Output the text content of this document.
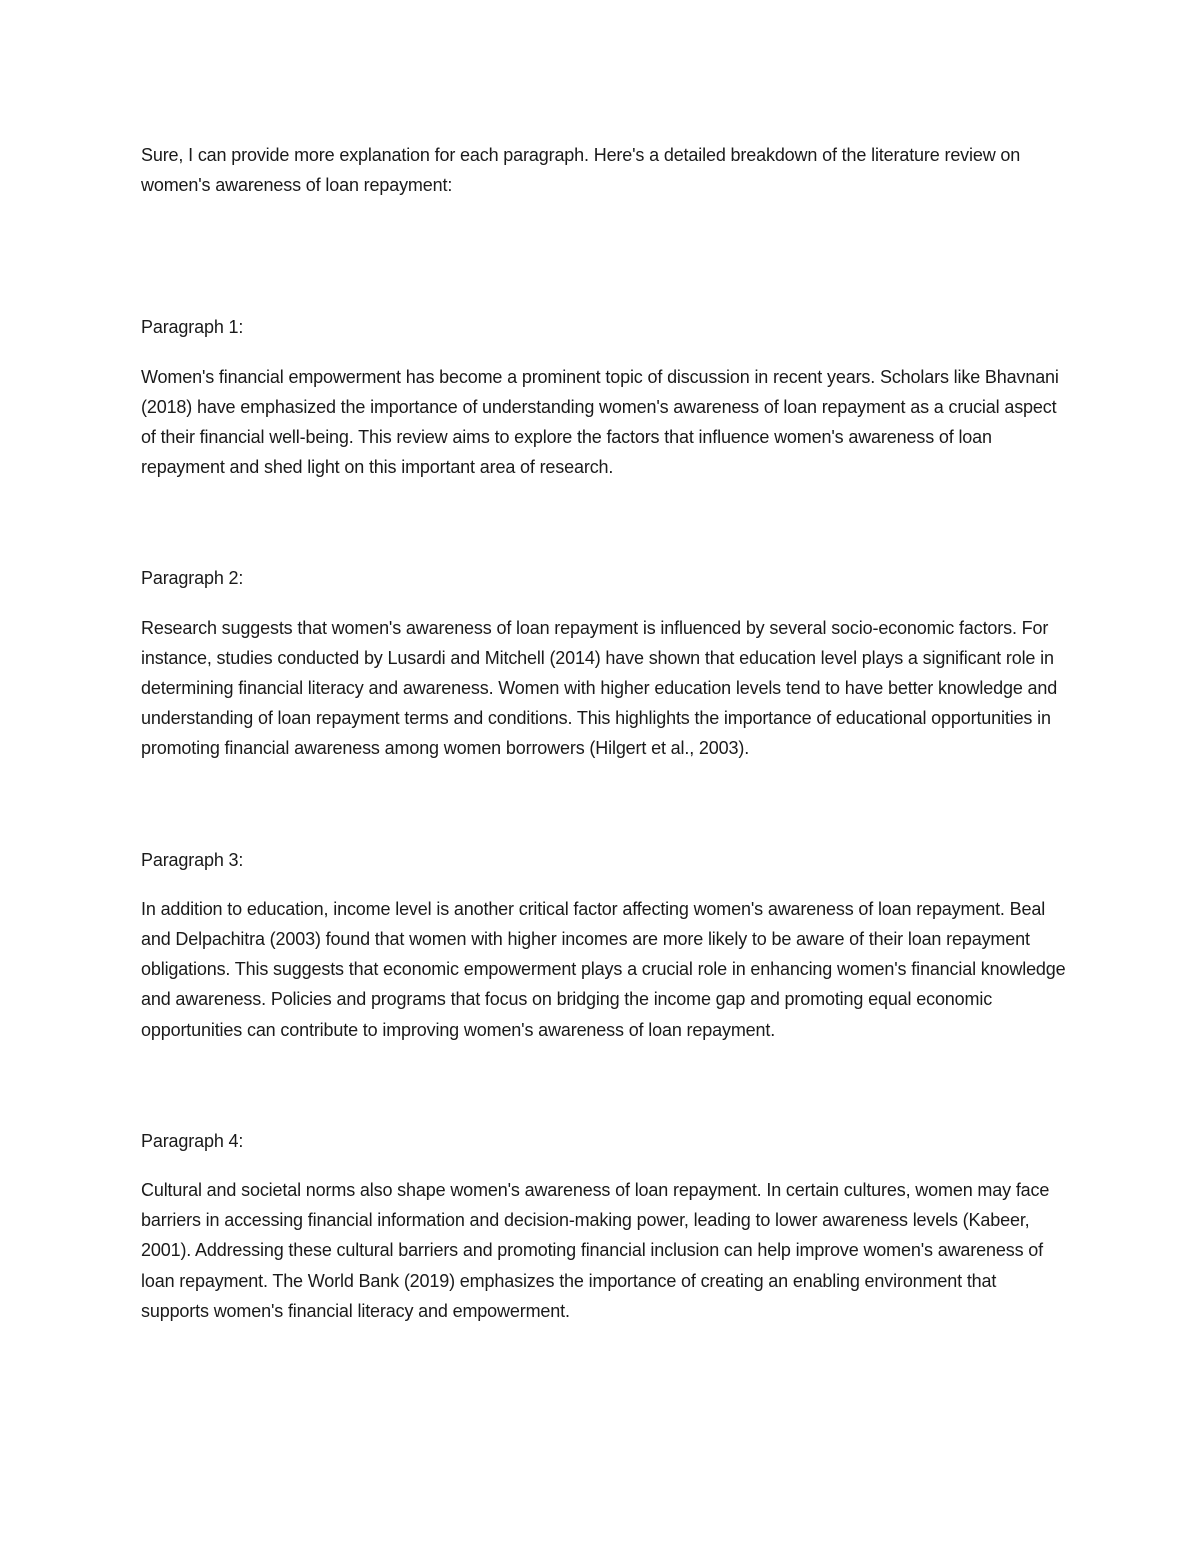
Sure, I can provide more explanation for each paragraph. Here's a detailed breakdown of the literature review on women's awareness of loan repayment:

Paragraph 1:

Women's financial empowerment has become a prominent topic of discussion in recent years. Scholars like Bhavnani (2018) have emphasized the importance of understanding women's awareness of loan repayment as a crucial aspect of their financial well-being. This review aims to explore the factors that influence women's awareness of loan repayment and shed light on this important area of research.

Paragraph 2:

Research suggests that women's awareness of loan repayment is influenced by several socio-economic factors. For instance, studies conducted by Lusardi and Mitchell (2014) have shown that education level plays a significant role in determining financial literacy and awareness. Women with higher education levels tend to have better knowledge and understanding of loan repayment terms and conditions. This highlights the importance of educational opportunities in promoting financial awareness among women borrowers (Hilgert et al., 2003).

Paragraph 3:

In addition to education, income level is another critical factor affecting women's awareness of loan repayment. Beal and Delpachitra (2003) found that women with higher incomes are more likely to be aware of their loan repayment obligations. This suggests that economic empowerment plays a crucial role in enhancing women's financial knowledge and awareness. Policies and programs that focus on bridging the income gap and promoting equal economic opportunities can contribute to improving women's awareness of loan repayment.

Paragraph 4:

Cultural and societal norms also shape women's awareness of loan repayment. In certain cultures, women may face barriers in accessing financial information and decision-making power, leading to lower awareness levels (Kabeer, 2001). Addressing these cultural barriers and promoting financial inclusion can help improve women's awareness of loan repayment. The World Bank (2019) emphasizes the importance of creating an enabling environment that supports women's financial literacy and empowerment.
